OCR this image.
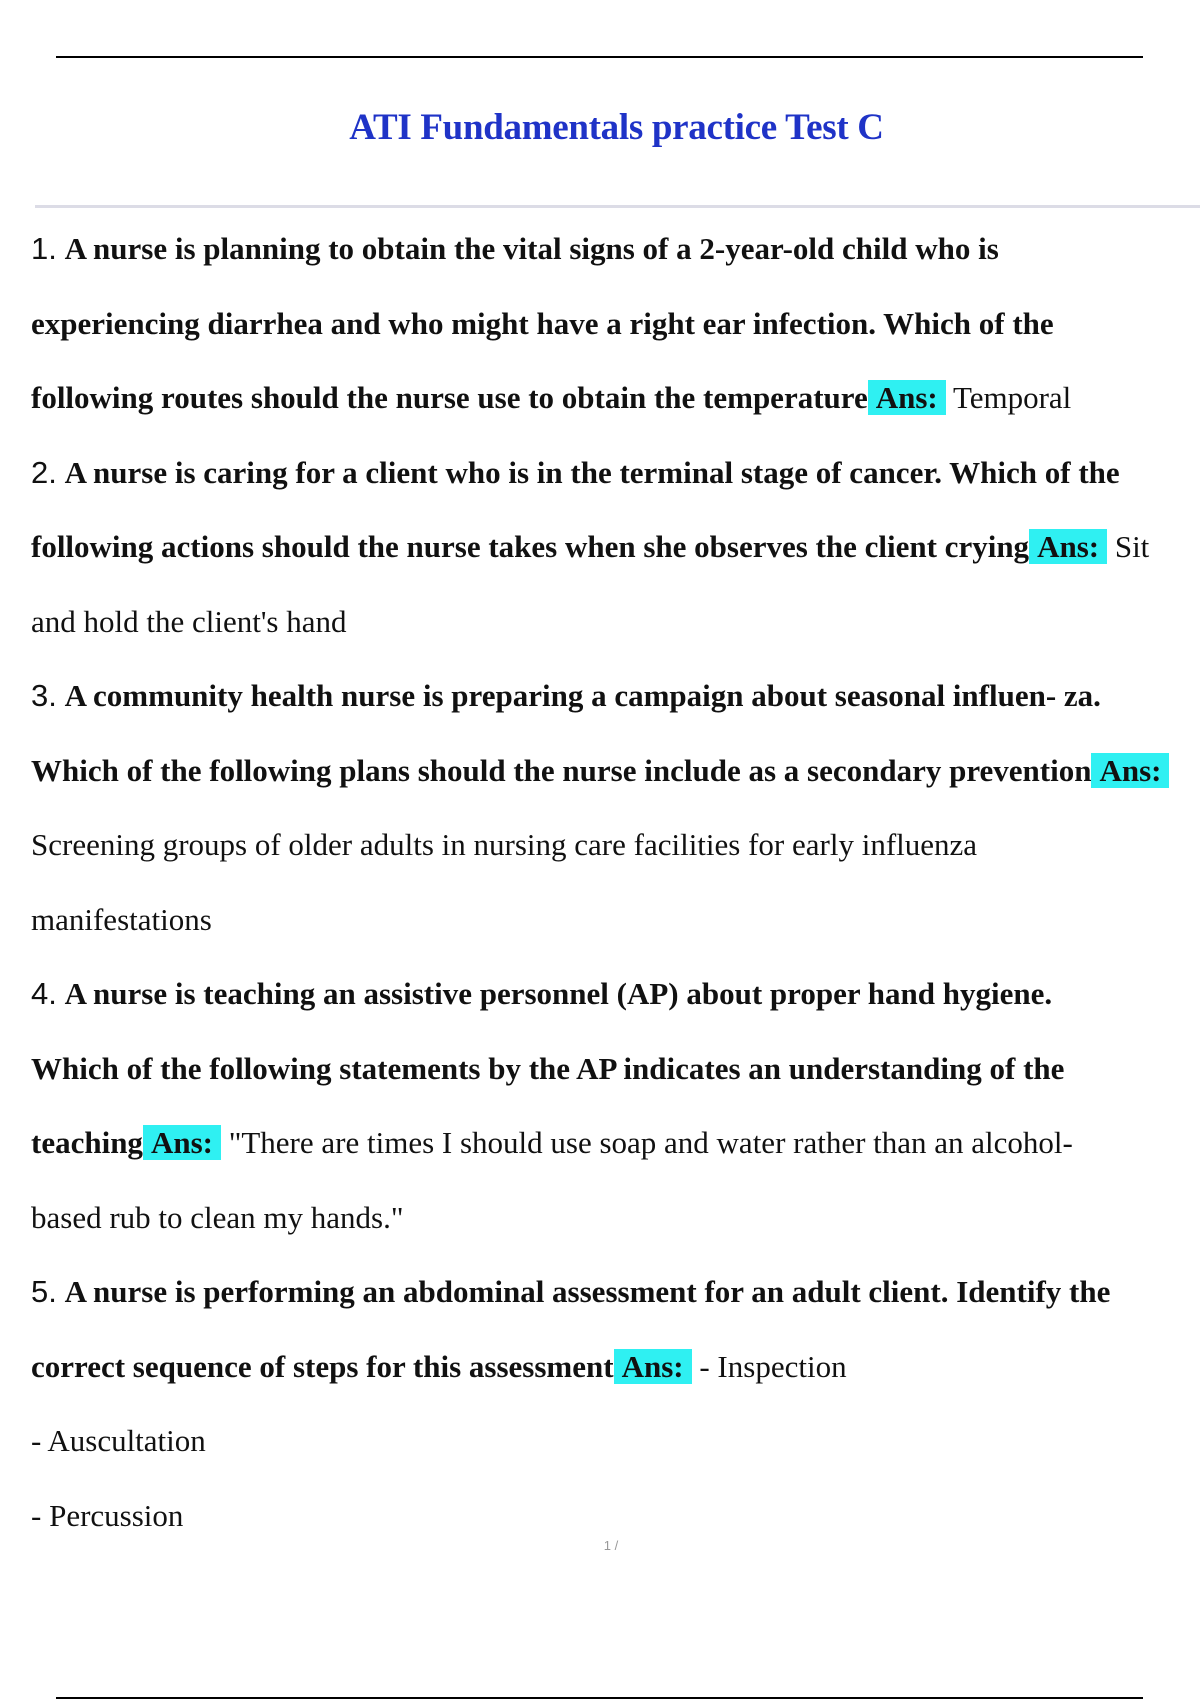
ATI Fundamentals practice Test C
1. A nurse is planning to obtain the vital signs of a 2-year-old child who is
experiencing diarrhea and who might have a right ear infection. Which of the
following routes should the nurse use to obtain the temperature Ans: Temporal
2. A nurse is caring for a client who is in the terminal stage of cancer. Which of the
following actions should the nurse takes when she observes the client crying Ans: Sit
and hold the client's hand
3. A community health nurse is preparing a campaign about seasonal influen- za.
Which of the following plans should the nurse include as a secondary prevention Ans:
Screening groups of older adults in nursing care facilities for early influenza
manifestations
4. A nurse is teaching an assistive personnel (AP) about proper hand hygiene.
Which of the following statements by the AP indicates an understanding of the
teaching Ans: "There are times I should use soap and water rather than an alcohol-
based rub to clean my hands."
5. A nurse is performing an abdominal assessment for an adult client. Identify the
correct sequence of steps for this assessment Ans: - Inspection
- Auscultation
- Percussion
1 /
